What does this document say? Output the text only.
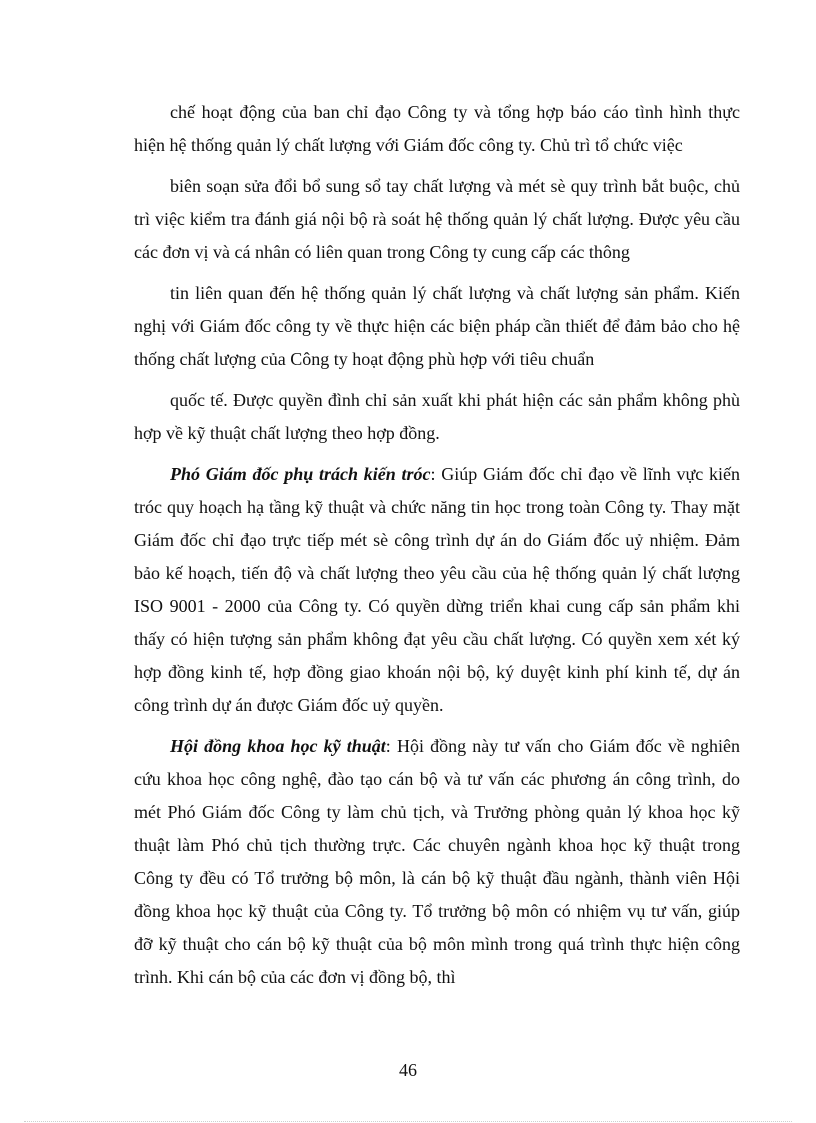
chế hoạt động của ban chỉ đạo Công ty và tổng hợp báo cáo tình hình thực hiện hệ thống quản lý chất lượng với Giám đốc công ty. Chủ trì tổ chức việc

biên soạn sửa đổi bổ sung sổ tay chất lượng và mét sè quy trình bắt buộc, chủ trì việc kiểm tra đánh giá nội bộ rà soát hệ thống quản lý chất lượng. Được yêu cầu các đơn vị và cá nhân có liên quan trong Công ty cung cấp các thông

tin liên quan đến hệ thống quản lý chất lượng và chất lượng sản phẩm. Kiến nghị với Giám đốc công ty về thực hiện các biện pháp cần thiết để đảm bảo cho hệ thống chất lượng của Công ty hoạt động phù hợp với tiêu chuẩn

quốc tế. Được quyền đình chỉ sản xuất khi phát hiện các sản phẩm không phù hợp về kỹ thuật chất lượng theo hợp đồng.

Phó Giám đốc phụ trách kiến tróc: Giúp Giám đốc chỉ đạo về lĩnh vực kiến tróc quy hoạch hạ tầng kỹ thuật và chức năng tin học trong toàn Công ty. Thay mặt Giám đốc chỉ đạo trực tiếp mét sè công trình dự án do Giám đốc uỷ nhiệm. Đảm bảo kế hoạch, tiến độ và chất lượng theo yêu cầu của hệ thống quản lý chất lượng ISO 9001 - 2000 của Công ty. Có quyền dừng triển khai cung cấp sản phẩm khi thấy có hiện tượng sản phẩm không đạt yêu cầu chất lượng. Có quyền xem xét ký hợp đồng kinh tế, hợp đồng giao khoán nội bộ, ký duyệt kinh phí kinh tế, dự án công trình dự án được Giám đốc uỷ quyền.

Hội đồng khoa học kỹ thuật: Hội đồng này tư vấn cho Giám đốc về nghiên cứu khoa học công nghệ, đào tạo cán bộ và tư vấn các phương án công trình, do mét Phó Giám đốc Công ty làm chủ tịch, và Trưởng phòng quản lý khoa học kỹ thuật làm Phó chủ tịch thường trực. Các chuyên ngành khoa học kỹ thuật trong Công ty đều có Tổ trưởng bộ môn, là cán bộ kỹ thuật đầu ngành, thành viên Hội đồng khoa học kỹ thuật của Công ty. Tổ trưởng bộ môn có nhiệm vụ tư vấn, giúp đỡ kỹ thuật cho cán bộ kỹ thuật của bộ môn mình trong quá trình thực hiện công trình. Khi cán bộ của các đơn vị đồng bộ, thì

46
